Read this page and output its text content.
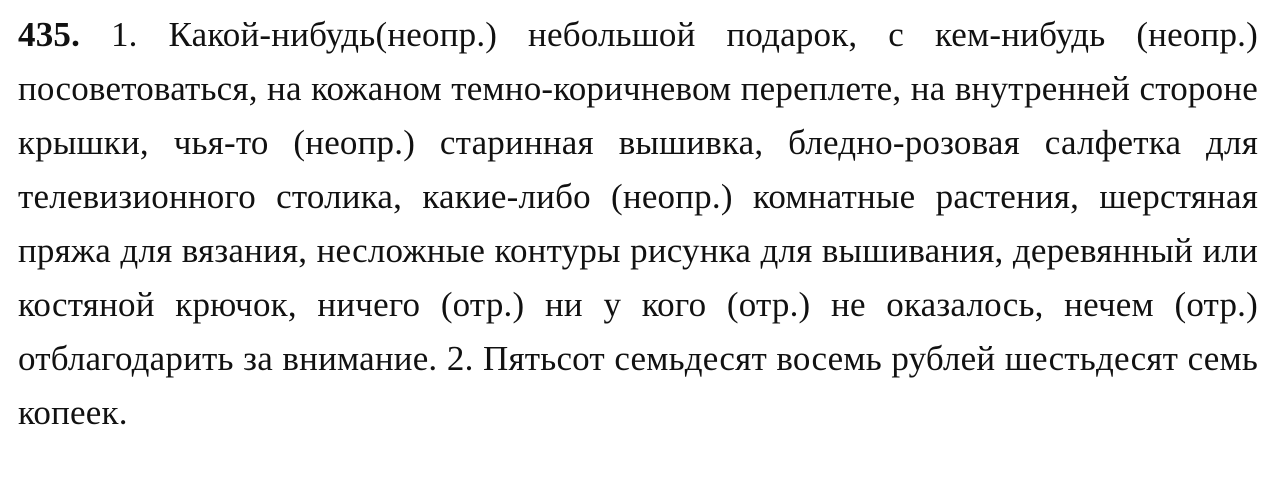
435. 1. Какой-нибудь(неопр.) небольшой подарок, с кем-нибудь (неопр.) посоветоваться, на кожаном темно-коричневом переплете, на внутренней стороне крышки, чья-то (неопр.) старинная вышивка, бледно-розовая салфетка для телевизионного столика, какие-либо (неопр.) комнатные растения, шерстяная пряжа для вязания, несложные контуры рисунка для вышивания, деревянный или костяной крючок, ничего (отр.) ни у кого (отр.) не оказалось, нечем (отр.) отблагодарить за внимание. 2. Пятьсот семьдесят восемь рублей шестьдесят семь копеек.
